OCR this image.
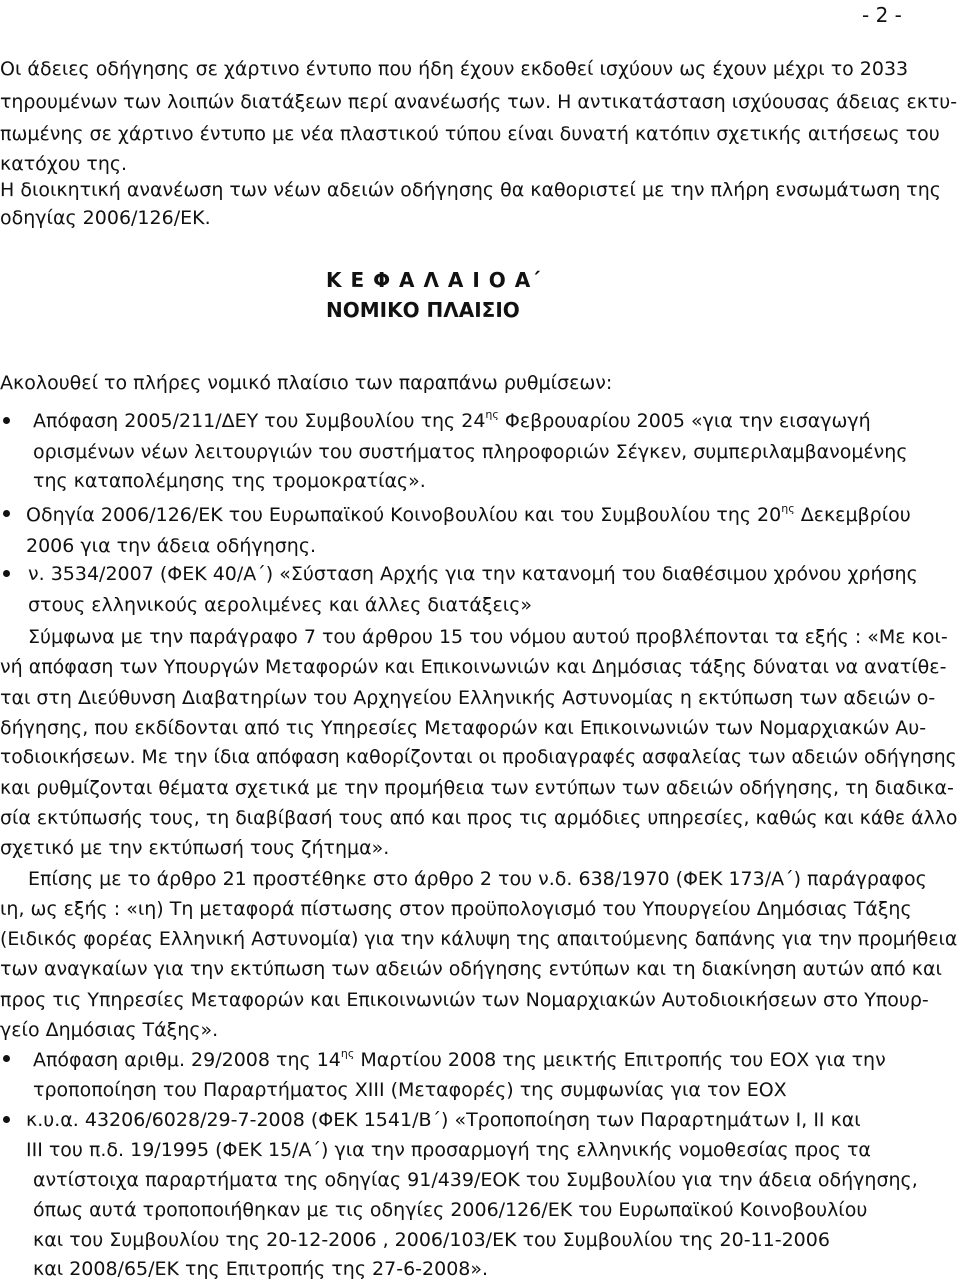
- 2 -
Οι άδειες οδήγησης σε χάρτινο έντυπο που ήδη έχουν εκδοθεί ισχύουν ως έχουν μέχρι το 2033
τηρουμένων των λοιπών διατάξεων περί ανανέωσής των. Η αντικατάσταση ισχύουσας άδειας εκτυ-
πωμένης σε χάρτινο έντυπο με νέα πλαστικού τύπου είναι δυνατή κατόπιν σχετικής αιτήσεως του
κατόχου της.
Η διοικητική ανανέωση των νέων αδειών οδήγησης θα καθοριστεί με την πλήρη ενσωμάτωση της
οδηγίας 2006/126/ΕΚ.
Κ Ε Φ Α Λ Α Ι Ο Α΄
ΝΟΜΙΚΟ ΠΛΑΙΣΙΟ
Ακολουθεί το πλήρες νομικό πλαίσιο των παραπάνω ρυθμίσεων:
Απόφαση 2005/211/ΔΕΥ του Συμβουλίου της $24^{\eta\varsigma}$ Φεβρουαρίου 2005 «για την εισαγωγή
ορισμένων νέων λειτουργιών του συστήματος πληροφοριών Σέγκεν, συμπεριλαμβανομένης
της καταπολέμησης της τρομοκρατίας».
Οδηγία 2006/126/ΕΚ του Ευρωπαϊκού Κοινοβουλίου και του Συμβουλίου της $20^{\eta\varsigma}$ Δεκεμβρίου
2006 για την άδεια οδήγησης.
ν. 3534/2007 (ΦΕΚ 40/Α΄) «Σύσταση Αρχής για την κατανομή του διαθέσιμου χρόνου χρήσης
στους ελληνικούς αερολιμένες και άλλες διατάξεις»
Σύμφωνα με την παράγραφο 7 του άρθρου 15 του νόμου αυτού προβλέπονται τα εξής : «Με κοι-
νή απόφαση των Υπουργών Μεταφορών και Επικοινωνιών και Δημόσιας τάξης δύναται να ανατίθε-
ται στη Διεύθυνση Διαβατηρίων του Αρχηγείου Ελληνικής Αστυνομίας η εκτύπωση των αδειών ο-
δήγησης, που εκδίδονται από τις Υπηρεσίες Μεταφορών και Επικοινωνιών των Νομαρχιακών Αυ-
τοδιοικήσεων. Με την ίδια απόφαση καθορίζονται οι προδιαγραφές ασφαλείας των αδειών οδήγησης
και ρυθμίζονται θέματα σχετικά με την προμήθεια των εντύπων των αδειών οδήγησης, τη διαδικα-
σία εκτύπωσής τους, τη διαβίβασή τους από και προς τις αρμόδιες υπηρεσίες, καθώς και κάθε άλλο
σχετικό με την εκτύπωσή τους ζήτημα».
Επίσης με το άρθρο 21 προστέθηκε στο άρθρο 2 του ν.δ. 638/1970 (ΦΕΚ 173/Α΄) παράγραφος
ιη, ως εξής : «ιη) Τη μεταφορά πίστωσης στον προϋπολογισμό του Υπουργείου Δημόσιας Τάξης
(Ειδικός φορέας Ελληνική Αστυνομία) για την κάλυψη της απαιτούμενης δαπάνης για την προμήθεια
των αναγκαίων για την εκτύπωση των αδειών οδήγησης εντύπων και τη διακίνηση αυτών από και
προς τις Υπηρεσίες Μεταφορών και Επικοινωνιών των Νομαρχιακών Αυτοδιοικήσεων στο Υπουρ-
γείο Δημόσιας Τάξης».
Απόφαση αριθμ. 29/2008 της $14^{\eta\varsigma}$ Μαρτίου 2008 της μεικτής Επιτροπής του ΕΟΧ για την
τροποποίηση του Παραρτήματος XIII (Μεταφορές) της συμφωνίας για τον ΕΟΧ
κ.υ.α. 43206/6028/29-7-2008 (ΦΕΚ 1541/Β΄) «Τροποποίηση των Παραρτημάτων Ι, ΙΙ και
ΙΙΙ του π.δ. 19/1995 (ΦΕΚ 15/Α΄) για την προσαρμογή της ελληνικής νομοθεσίας προς τα
αντίστοιχα παραρτήματα της οδηγίας 91/439/ΕΟΚ του Συμβουλίου για την άδεια οδήγησης,
όπως αυτά τροποποιήθηκαν με τις οδηγίες 2006/126/ΕΚ του Ευρωπαϊκού Κοινοβουλίου
και του Συμβουλίου της 20-12-2006 , 2006/103/ΕΚ του Συμβουλίου της 20-11-2006
και 2008/65/ΕΚ της Επιτροπής της 27-6-2008».
